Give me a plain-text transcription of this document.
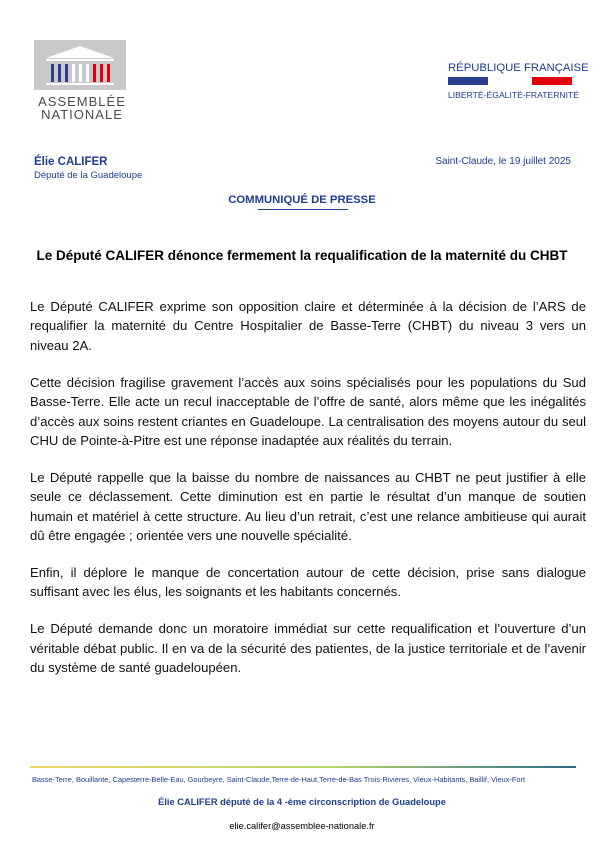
ASSEMBLÉE
NATIONALE
RÉPUBLIQUE FRANÇAISE
LIBERTÉ-ÉGALITÉ-FRATERNITÉ
Élie CALIFER
Député de la Guadeloupe
Saint-Claude, le 19 juillet 2025
COMMUNIQUÉ DE PRESSE
Le Député CALIFER dénonce fermement la requalification de la maternité du CHBT

Le Député CALIFER exprime son opposition claire et déterminée à la décision de l’ARS de requalifier la maternité du Centre Hospitalier de Basse-Terre (CHBT) du niveau 3 vers un niveau 2A.

Cette décision fragilise gravement l’accès aux soins spécialisés pour les populations du Sud Basse-Terre. Elle acte un recul inacceptable de l’offre de santé, alors même que les inégalités d’accès aux soins restent criantes en Guadeloupe. La centralisation des moyens autour du seul CHU de Pointe-à-Pitre est une réponse inadaptée aux réalités du terrain.

Le Député rappelle que la baisse du nombre de naissances au CHBT ne peut justifier à elle seule ce déclassement. Cette diminution est en partie le résultat d’un manque de soutien humain et matériel à cette structure. Au lieu d’un retrait, c’est une relance ambitieuse qui aurait dû être engagée ; orientée vers une nouvelle spécialité.

Enfin, il déplore le manque de concertation autour de cette décision, prise sans dialogue suffisant avec les élus, les soignants et les habitants concernés.

Le Député demande donc un moratoire immédiat sur cette requalification et l’ouverture d’un véritable débat public. Il en va de la sécurité des patientes, de la justice territoriale et de l’avenir du système de santé guadeloupéen.

Basse-Terre, Bouillante, Capesterre-Belle-Eau, Gourbeyre, Saint-Claude,Terre-de-Haut,Terre-de-Bas Trois-Rivières, Vieux-Habitants, Baillif, Vieux-Fort
Élie CALIFER député de la 4 -ème circonscription de Guadeloupe
elie.califer@assemblee-nationale.fr
